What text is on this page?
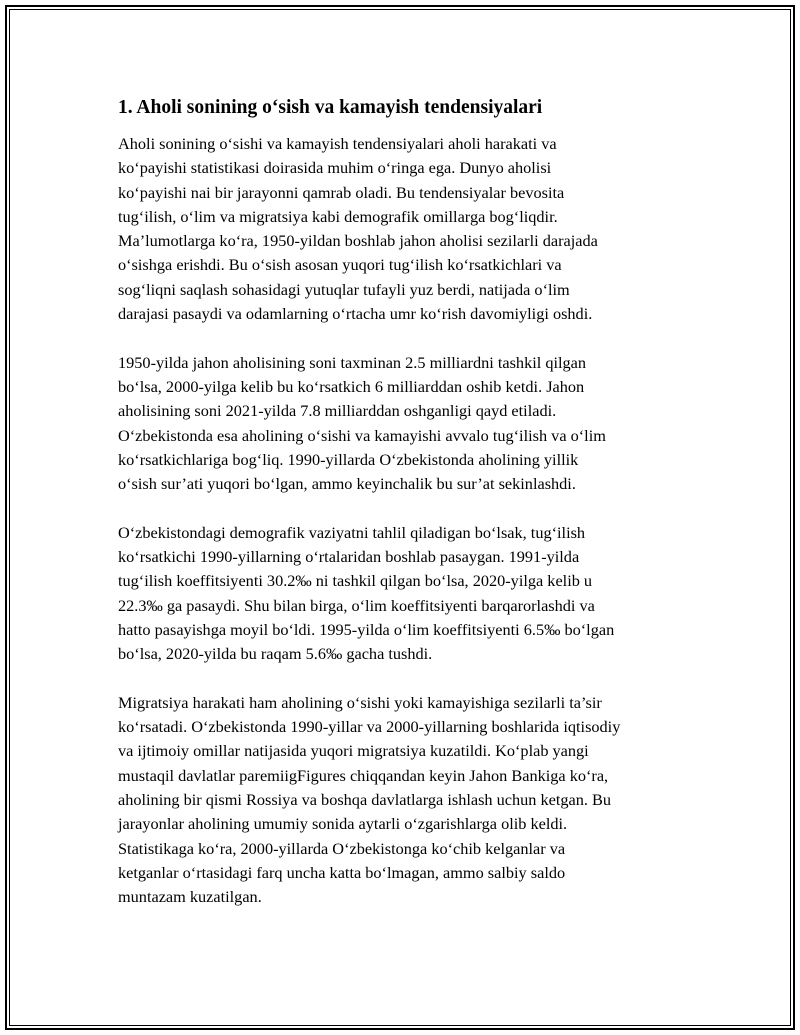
1. Aholi sonining o‘sish va kamayish tendensiyalari

Aholi sonining o‘sishi va kamayish tendensiyalari aholi harakati va
ko‘payishi statistikasi doirasida muhim o‘ringa ega. Dunyo aholisi
ko‘payishi nai bir jarayonni qamrab oladi. Bu tendensiyalar bevosita
tug‘ilish, o‘lim va migratsiya kabi demografik omillarga bog‘liqdir.
Ma’lumotlarga ko‘ra, 1950-yildan boshlab jahon aholisi sezilarli darajada
o‘sishga erishdi. Bu o‘sish asosan yuqori tug‘ilish ko‘rsatkichlari va
sog‘liqni saqlash sohasidagi yutuqlar tufayli yuz berdi, natijada o‘lim
darajasi pasaydi va odamlarning o‘rtacha umr ko‘rish davomiyligi oshdi.

1950-yilda jahon aholisining soni taxminan 2.5 milliardni tashkil qilgan
bo‘lsa, 2000-yilga kelib bu ko‘rsatkich 6 milliarddan oshib ketdi. Jahon
aholisining soni 2021-yilda 7.8 milliarddan oshganligi qayd etiladi.
O‘zbekistonda esa aholining o‘sishi va kamayishi avvalo tug‘ilish va o‘lim
ko‘rsatkichlariga bog‘liq. 1990-yillarda O‘zbekistonda aholining yillik
o‘sish sur’ati yuqori bo‘lgan, ammo keyinchalik bu sur’at sekinlashdi.

O‘zbekistondagi demografik vaziyatni tahlil qiladigan bo‘lsak, tug‘ilish
ko‘rsatkichi 1990-yillarning o‘rtalaridan boshlab pasaygan. 1991-yilda
tug‘ilish koeffitsiyenti 30.2‰ ni tashkil qilgan bo‘lsa, 2020-yilga kelib u
22.3‰ ga pasaydi. Shu bilan birga, o‘lim koeffitsiyenti barqarorlashdi va
hatto pasayishga moyil bo‘ldi. 1995-yilda o‘lim koeffitsiyenti 6.5‰ bo‘lgan
bo‘lsa, 2020-yilda bu raqam 5.6‰ gacha tushdi.

Migratsiya harakati ham aholining o‘sishi yoki kamayishiga sezilarli ta’sir
ko‘rsatadi. O‘zbekistonda 1990-yillar va 2000-yillarning boshlarida iqtisodiy
va ijtimoiy omillar natijasida yuqori migratsiya kuzatildi. Ko‘plab yangi
mustaqil davlatlar paremiigFigures chiqqandan keyin Jahon Bankiga ko‘ra,
aholining bir qismi Rossiya va boshqa davlatlarga ishlash uchun ketgan. Bu
jarayonlar aholining umumiy sonida aytarli o‘zgarishlarga olib keldi.
Statistikaga ko‘ra, 2000-yillarda O‘zbekistonga ko‘chib kelganlar va
ketganlar o‘rtasidagi farq uncha katta bo‘lmagan, ammo salbiy saldo
muntazam kuzatilgan.
